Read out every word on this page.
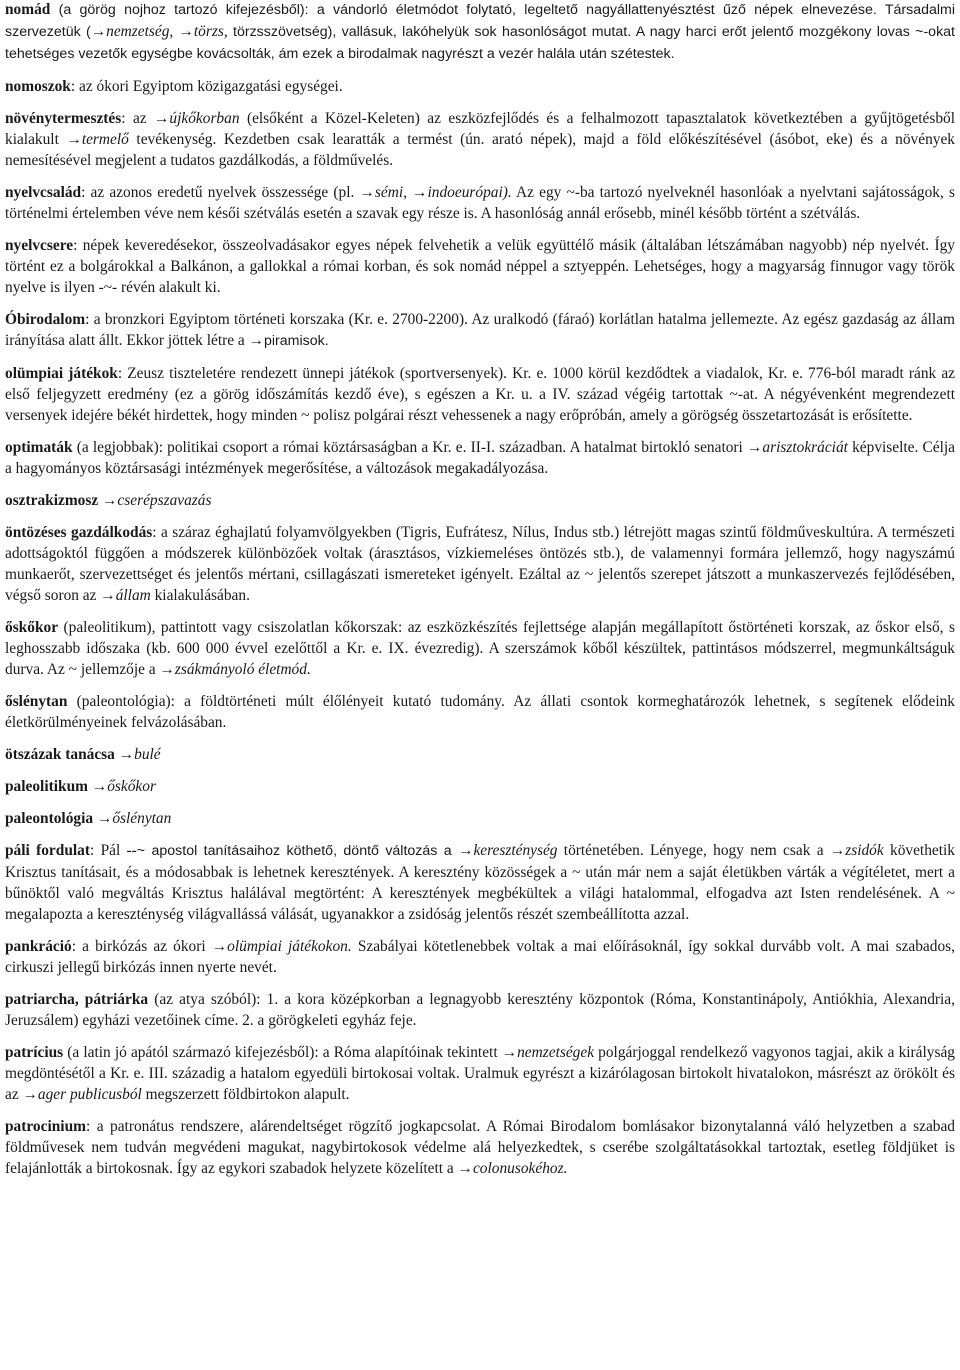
nomád (a görög nojhoz tartozó kifejezésből): a vándorló életmódot folytató, legeltető nagyállattenyésztést űző népek elnevezése. Társadalmi szervezetük (→nemzetség, →törzs, törzsszövetség), vallásuk, lakóhelyük sok hasonlóságot mutat. A nagy harci erőt jelentő mozgékony lovas ~-okat tehetséges vezetők egységbe kovácsolták, ám ezek a birodalmak nagyrészt a vezér halála után szétestek.

nomoszok: az ókori Egyiptom közigazgatási egységei.

növénytermesztés: az →újkőkorban (elsőként a Közel-Keleten) az eszközfejlődés és a felhalmozott tapasztalatok következtében a gyűjtögetésből kialakult →termelő tevékenység. Kezdetben csak learatták a termést (ún. arató népek), majd a föld előkészítésével (ásóbot, eke) és a növények nemesítésével megjelent a tudatos gazdálkodás, a földművelés.

nyelvcsalád: az azonos eredetű nyelvek összessége (pl. →sémi, →indoeurópai). Az egy ~-ba tartozó nyelveknél hasonlóak a nyelvtani sajátosságok, s történelmi értelemben véve nem késői szétválás esetén a szavak egy része is. A hasonlóság annál erősebb, minél később történt a szétválás.

nyelvcsere: népek keveredésekor, összeolvadásakor egyes népek felvehetik a velük együttélő másik (általában létszámában nagyobb) nép nyelvét. Így történt ez a bolgárokkal a Balkánon, a gallokkal a római korban, és sok nomád néppel a sztyeppén. Lehetséges, hogy a magyarság finnugor vagy török nyelve is ilyen -~- révén alakult ki.

Óbirodalom: a bronzkori Egyiptom történeti korszaka (Kr. e. 2700-2200). Az uralkodó (fáraó) korlátlan hatalma jellemezte. Az egész gazdaság az állam irányítása alatt állt. Ekkor jöttek létre a →piramisok.

olümpiai játékok: Zeusz tiszteletére rendezett ünnepi játékok (sportversenyek). Kr. e. 1000 körül kezdődtek a viadalok, Kr. e. 776-ból maradt ránk az első feljegyzett eredmény (ez a görög időszámítás kezdő éve), s egészen a Kr. u. a IV. század végéig tartottak ~-at. A négyévenként megrendezett versenyek idejére békét hirdettek, hogy minden ~ polisz polgárai részt vehessenek a nagy erőpróbán, amely a görögség összetartozását is erősítette.

optimaták (a legjobbak): politikai csoport a római köztársaságban a Kr. e. II-I. században. A hatalmat birtokló senatori →arisztokráciát képviselte. Célja a hagyományos köztársasági intézmények megerősítése, a változások megakadályozása.

osztrakizmosz →cserépszavazás

öntözéses gazdálkodás: a száraz éghajlatú folyamvölgyekben (Tigris, Eufrátesz, Nílus, Indus stb.) létrejött magas szintű földműveskultúra. A természeti adottságoktól függően a módszerek különbözőek voltak (árasztásos, vízkiemeléses öntözés stb.), de valamennyi formára jellemző, hogy nagyszámú munkaerőt, szervezettséget és jelentős mértani, csillagászati ismereteket igényelt. Ezáltal az ~ jelentős szerepet játszott a munkaszervezés fejlődésében, végső soron az →állam kialakulásában.

őskőkor (paleolitikum), pattintott vagy csiszolatlan kőkorszak: az eszközkészítés fejlettsége alapján megállapított őstörténeti korszak, az őskor első, s leghosszabb időszaka (kb. 600 000 évvel ezelőttől a Kr. e. IX. évezredig). A szerszámok kőből készültek, pattintásos módszerrel, megmunkáltságuk durva. Az ~ jellemzője a →zsákmányoló életmód.

őslénytan (paleontológia): a földtörténeti múlt élőlényeit kutató tudomány. Az állati csontok kormeghatározók lehetnek, s segítenek elődeink életkörülményeinek felvázolásában.

ötszázak tanácsa →bulé

paleolitikum →őskőkor

paleontológia →őslénytan

páli fordulat: Pál --~ apostol tanításaihoz köthető, döntő változás a →kereszténység történetében. Lényege, hogy nem csak a →zsidók követhetik Krisztus tanításait, és a módosabbak is lehetnek keresztények. A keresztény közösségek a ~ után már nem a saját életükben várták a végítéletet, mert a bűnöktől való megváltás Krisztus halálával megtörtént: A keresztények megbékültek a világi hatalommal, elfogadva azt Isten rendelésének. A ~ megalapozta a kereszténység világvallássá válását, ugyanakkor a zsidóság jelentős részét szembeállította azzal.

pankráció: a birkózás az ókori →olümpiai játékokon. Szabályai kötetlenebbek voltak a mai előírásoknál, így sokkal durvább volt. A mai szabados, cirkuszi jellegű birkózás innen nyerte nevét.

patriarcha, pátriárka (az atya szóból): 1. a kora középkorban a legnagyobb keresztény központok (Róma, Konstantinápoly, Antiókhia, Alexandria, Jeruzsálem) egyházi vezetőinek címe. 2. a görögkeleti egyház feje.

patrícius (a latin jó apától származó kifejezésből): a Róma alapítóinak tekintett →nemzetségek polgárjoggal rendelkező vagyonos tagjai, akik a királyság megdöntésétől a Kr. e. III. századig a hatalom egyedüli birtokosai voltak. Uralmuk egyrészt a kizárólagosan birtokolt hivatalokon, másrészt az örökölt és az →ager publicusból megszerzett földbirtokon alapult.

patrocinium: a patronátus rendszere, alárendeltséget rögzítő jogkapcsolat. A Római Birodalom bomlásakor bizonytalanná váló helyzetben a szabad földművesek nem tudván megvédeni magukat, nagybirtokosok védelme alá helyezkedtek, s cserébe szolgáltatásokkal tartoztak, esetleg földjüket is felajánlották a birtokosnak. Így az egykori szabadok helyzete közelített a →colonusokéhoz.
